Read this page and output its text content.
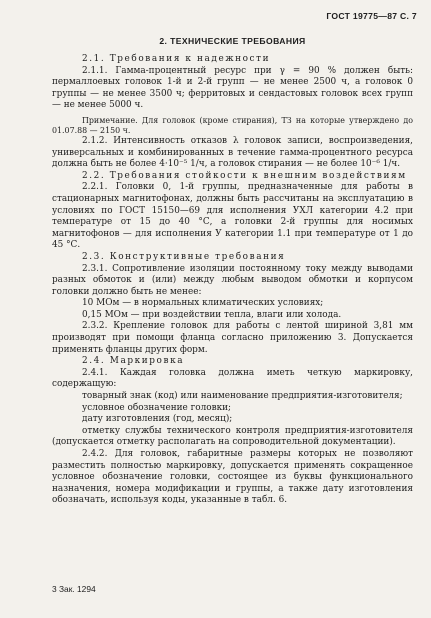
ГОСТ 19775—87 С. 7
2. ТЕХНИЧЕСКИЕ ТРЕБОВАНИЯ

2.1. Требования к надежности

2.1.1. Гамма-процентный ресурс при γ = 90 % должен быть: пермаллоевых головок 1-й и 2-й групп — не менее 2500 ч, а головок 0 группы — не менее 3500 ч; ферритовых и сендастовых головок всех групп — не менее 5000 ч.

Примечание. Для головок (кроме стирания), ТЗ на которые утверждено до 01.07.88 — 2150 ч.

2.1.2. Интенсивность отказов λ головок записи, воспроизведения, универсальных и комбинированных в течение гамма-процентного ресурса должна быть не более 4·10⁻⁵ 1/ч, а головок стирания — не более 10⁻⁶ 1/ч.

2.2. Требования стойкости к внешним воздействиям

2.2.1. Головки 0, 1-й группы, предназначенные для работы в стационарных магнитофонах, должны быть рассчитаны на эксплуатацию в условиях по ГОСТ 15150—69 для исполнения УХЛ категории 4.2 при температуре от 15 до 40 °С, а головки 2-й группы для носимых магнитофонов — для исполнения У категории 1.1 при температуре от 1 до 45 °С.

2.3. Конструктивные требования

2.3.1. Сопротивление изоляции постоянному току между выводами разных обмоток и (или) между любым выводом обмотки и корпусом головки должно быть не менее:

10 МОм — в нормальных климатических условиях;

0,15 МОм — при воздействии тепла, влаги или холода.

2.3.2. Крепление головок для работы с лентой шириной 3,81 мм производят при помощи фланца согласно приложению 3. Допускается применять фланцы других форм.

2.4. Маркировка

2.4.1. Каждая головка должна иметь четкую маркировку, содержащую:

товарный знак (код) или наименование предприятия-изготовителя;

условное обозначение головки;

дату изготовления (год, месяц);

отметку службы технического контроля предприятия-изготовителя (допускается отметку располагать на сопроводительной документации).

2.4.2. Для головок, габаритные размеры которых не позволяют разместить полностью маркировку, допускается применять сокращенное условное обозначение головки, состоящее из буквы функционального назначения, номера модификации и группы, а также дату изготовления обозначать, используя коды, указанные в табл. 6.

3 Зак. 1294
